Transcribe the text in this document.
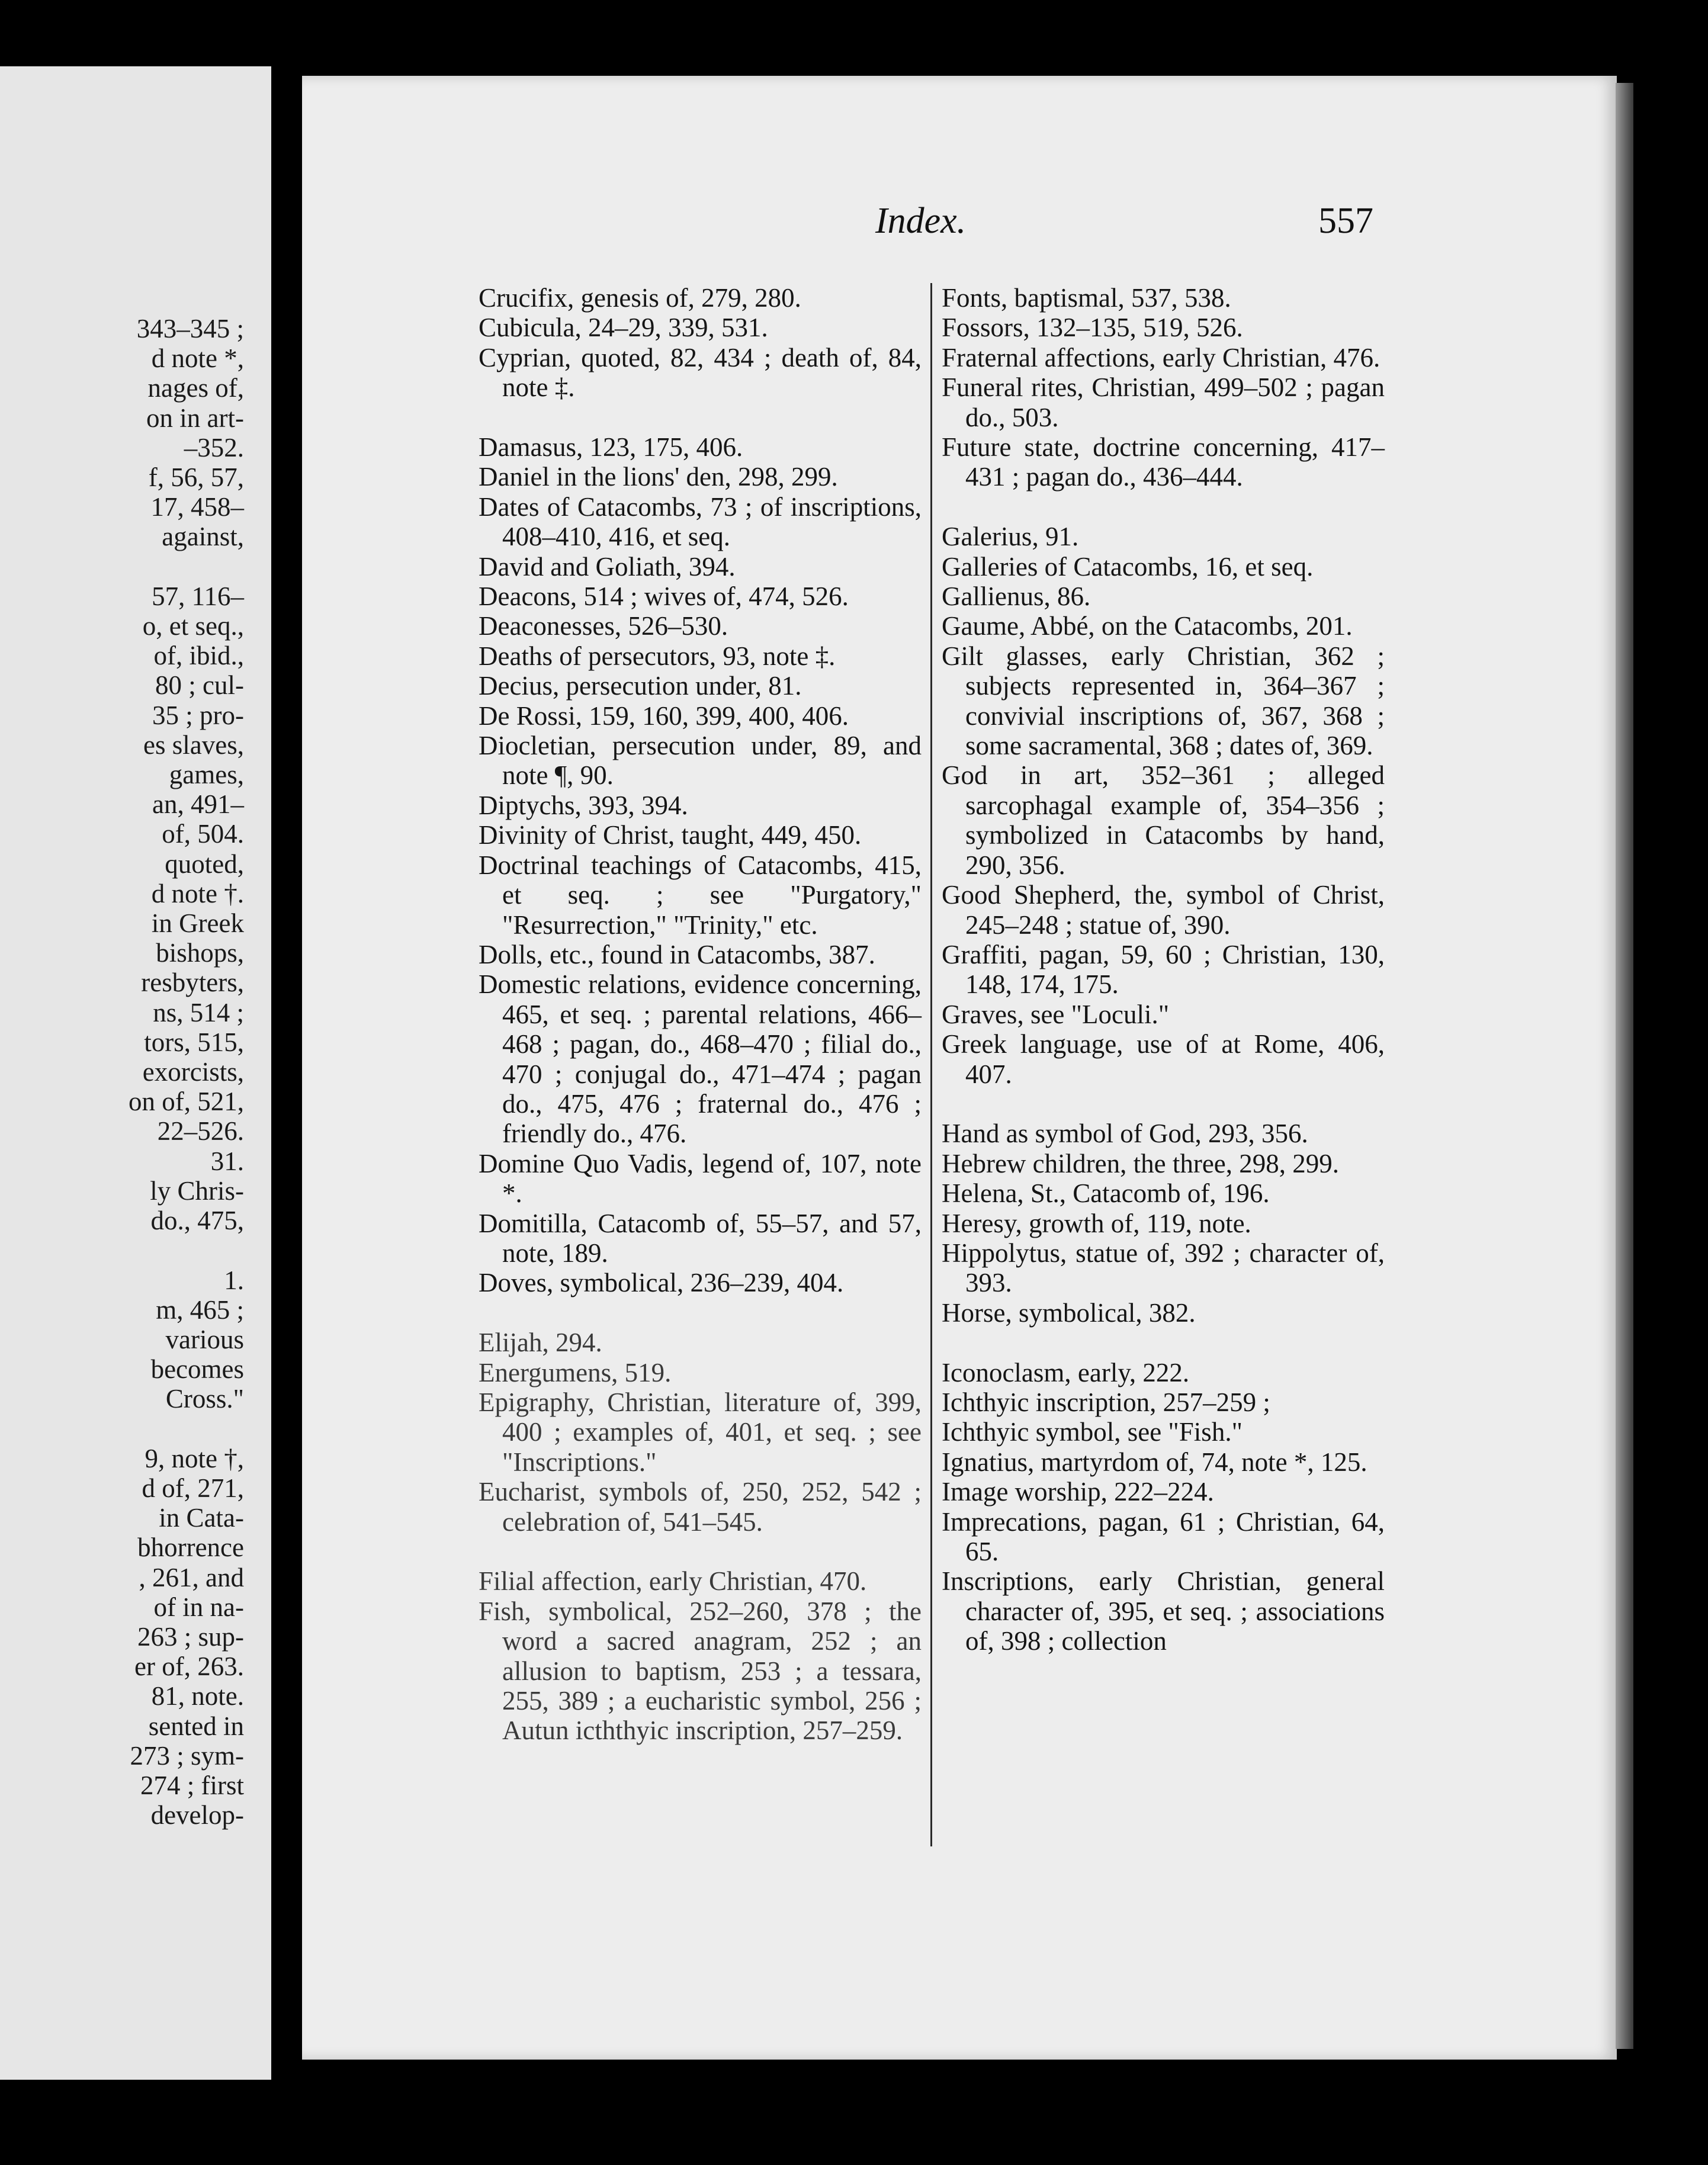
343–345 ;
d note *,
nages of,
on in art-
–352.
f, 56, 57,
17, 458–
against,

57, 116–
o, et seq.,
of, ibid.,
80 ; cul-
35 ; pro-
es slaves,
games,
an, 491–
of, 504.
quoted,
d note †.
in Greek
bishops,
resbyters,
ns, 514 ;
tors, 515,
exorcists,
on of, 521,
22–526.
31.
ly Chris-
do., 475,

1.
m, 465 ;
various
becomes
Cross."

9, note †,
d of, 271,
in Cata-
bhorrence
, 261, and
of in na-
263 ; sup-
er of, 263.
81, note.
sented in
273 ; sym-
274 ; first
develop-
Index.	557
Crucifix, genesis of, 279, 280.
Cubicula, 24–29, 339, 531.
Cyprian, quoted, 82, 434 ; death of, 84, note ‡.
Damasus, 123, 175, 406.
Daniel in the lions' den, 298, 299.
Dates of Catacombs, 73 ; of inscriptions, 408–410, 416, et seq.
David and Goliath, 394.
Deacons, 514 ; wives of, 474, 526.
Deaconesses, 526–530.
Deaths of persecutors, 93, note ‡.
Decius, persecution under, 81.
De Rossi, 159, 160, 399, 400, 406.
Diocletian, persecution under, 89, and note ¶, 90.
Diptychs, 393, 394.
Divinity of Christ, taught, 449, 450.
Doctrinal teachings of Catacombs, 415, et seq. ; see "Purgatory," "Resurrection," "Trinity," etc.
Dolls, etc., found in Catacombs, 387.
Domestic relations, evidence concerning, 465, et seq. ; parental relations, 466–468 ; pagan, do., 468–470 ; filial do., 470 ; conjugal do., 471–474 ; pagan do., 475, 476 ; fraternal do., 476 ; friendly do., 476.
Domine Quo Vadis, legend of, 107, note *.
Domitilla, Catacomb of, 55–57, and 57, note, 189.
Doves, symbolical, 236–239, 404.
Elijah, 294.
Energumens, 519.
Epigraphy, Christian, literature of, 399, 400 ; examples of, 401, et seq. ; see "Inscriptions."
Eucharist, symbols of, 250, 252, 542 ; celebration of, 541–545.
Filial affection, early Christian, 470.
Fish, symbolical, 252–260, 378 ; the word a sacred anagram, 252 ; an allusion to baptism, 253 ; a tessara, 255, 389 ; a eucharistic symbol, 256 ; Autun icththyic inscription, 257–259.
Fonts, baptismal, 537, 538.
Fossors, 132–135, 519, 526.
Fraternal affections, early Christian, 476.
Funeral rites, Christian, 499–502 ; pagan do., 503.
Future state, doctrine concerning, 417–431 ; pagan do., 436–444.
Galerius, 91.
Galleries of Catacombs, 16, et seq.
Gallienus, 86.
Gaume, Abbé, on the Catacombs, 201.
Gilt glasses, early Christian, 362 ; subjects represented in, 364–367 ; convivial inscriptions of, 367, 368 ; some sacramental, 368 ; dates of, 369.
God in art, 352–361 ; alleged sarcophagal example of, 354–356 ; symbolized in Catacombs by hand, 290, 356.
Good Shepherd, the, symbol of Christ, 245–248 ; statue of, 390.
Graffiti, pagan, 59, 60 ; Christian, 130, 148, 174, 175.
Graves, see "Loculi."
Greek language, use of at Rome, 406, 407.
Hand as symbol of God, 293, 356.
Hebrew children, the three, 298, 299.
Helena, St., Catacomb of, 196.
Heresy, growth of, 119, note.
Hippolytus, statue of, 392 ; character of, 393.
Horse, symbolical, 382.
Iconoclasm, early, 222.
Ichthyic inscription, 257–259 ;
Ichthyic symbol, see "Fish."
Ignatius, martyrdom of, 74, note *, 125.
Image worship, 222–224.
Imprecations, pagan, 61 ; Christian, 64, 65.
Inscriptions, early Christian, general character of, 395, et seq. ; associations of, 398 ; collection
